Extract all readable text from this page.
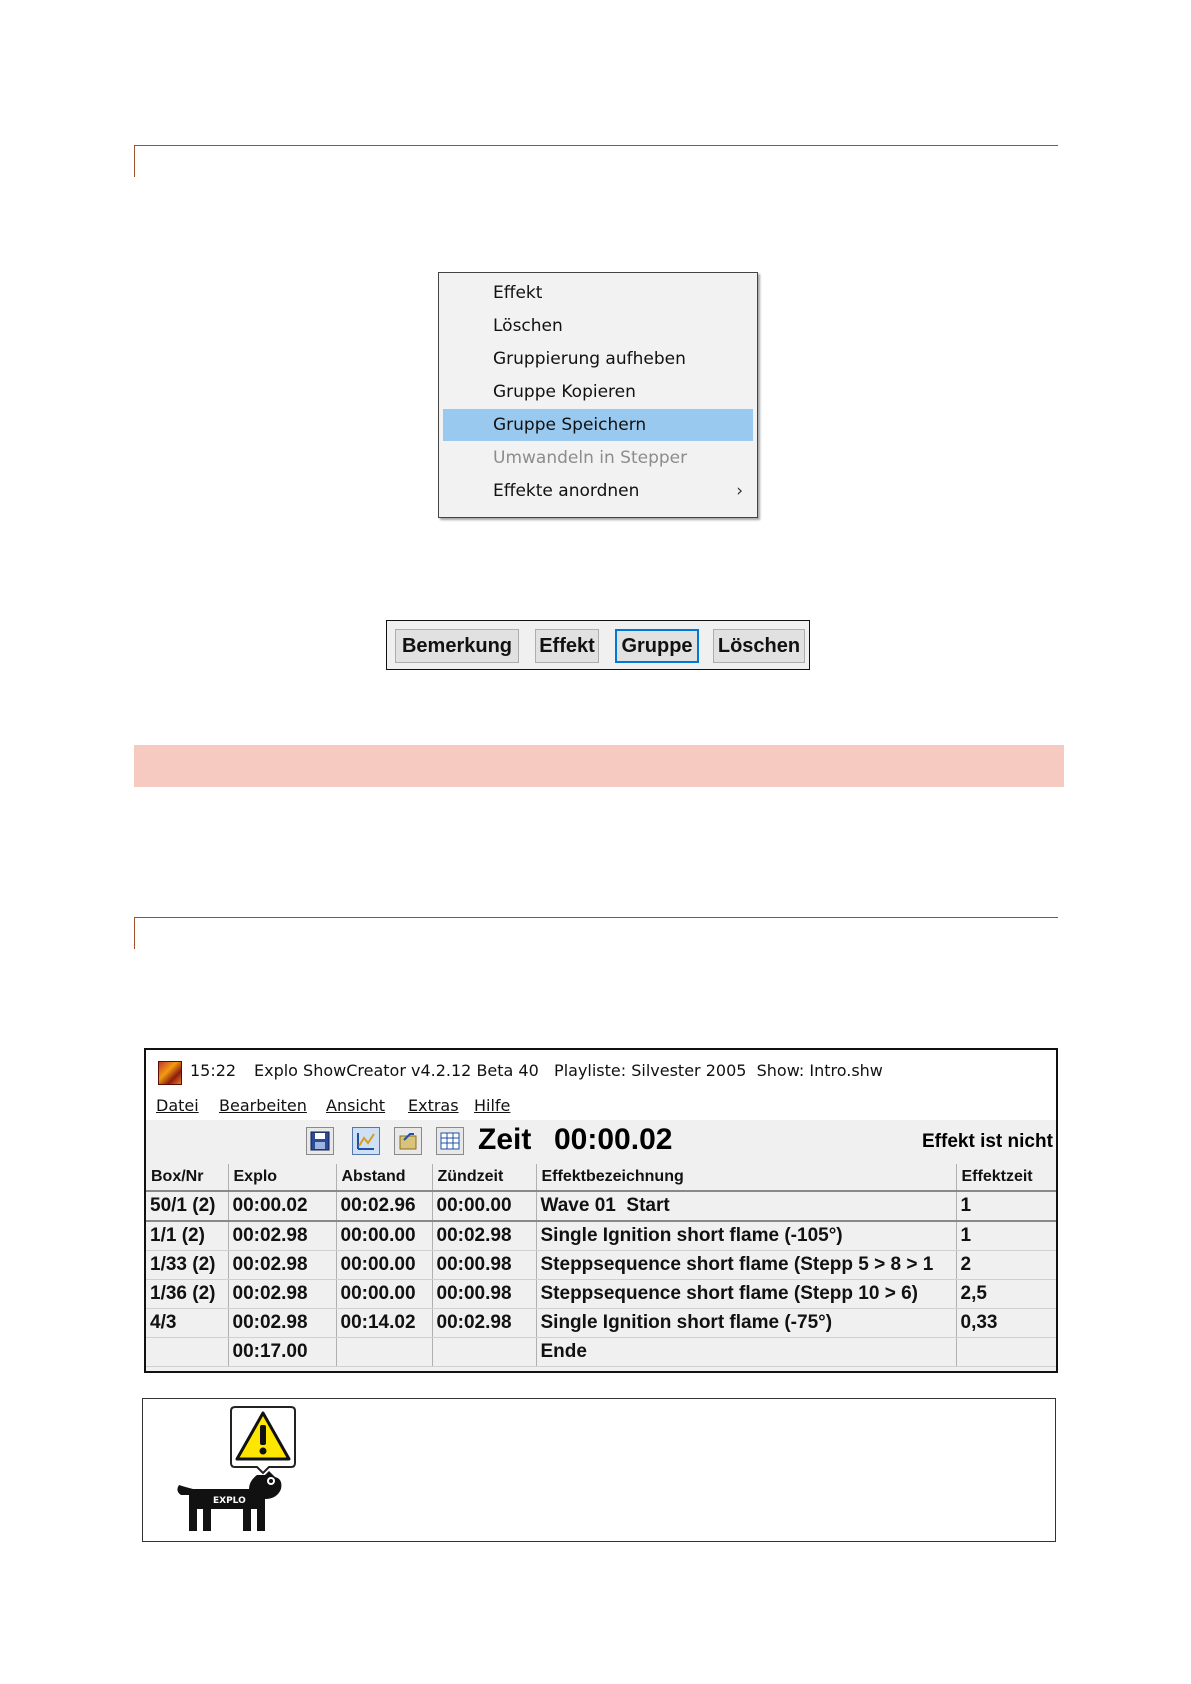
Effekt
Löschen
Gruppierung aufheben
Gruppe Kopieren
Gruppe Speichern
Umwandeln in Stepper
Effekte anordnen	›
Bemerkung	Effekt	Gruppe	Löschen
15:22 Explo ShowCreator v4.2.12 Beta 40   Playliste: Silvester 2005  Show: Intro.shw
Datei Bearbeiten Ansicht Extras Hilfe
Zeit 00:00.02	Effekt ist nicht
Box/Nr	Explo	Abstand	Zündzeit	Effektbezeichnung	Effektzeit
50/1 (2)	00:00.02	00:02.96	00:00.00	Wave 01  Start	1
1/1 (2)	00:02.98	00:00.00	00:02.98	Single Ignition short flame (-105°)	1
1/33 (2)	00:02.98	00:00.00	00:00.98	Steppsequence short flame (Stepp 5 > 8 > 1	2
1/36 (2)	00:02.98	00:00.00	00:00.98	Steppsequence short flame (Stepp 10 > 6)	2,5
4/3	00:02.98	00:14.02	00:02.98	Single Ignition short flame (-75°)	0,33
	00:17.00			Ende	
EXPLO
